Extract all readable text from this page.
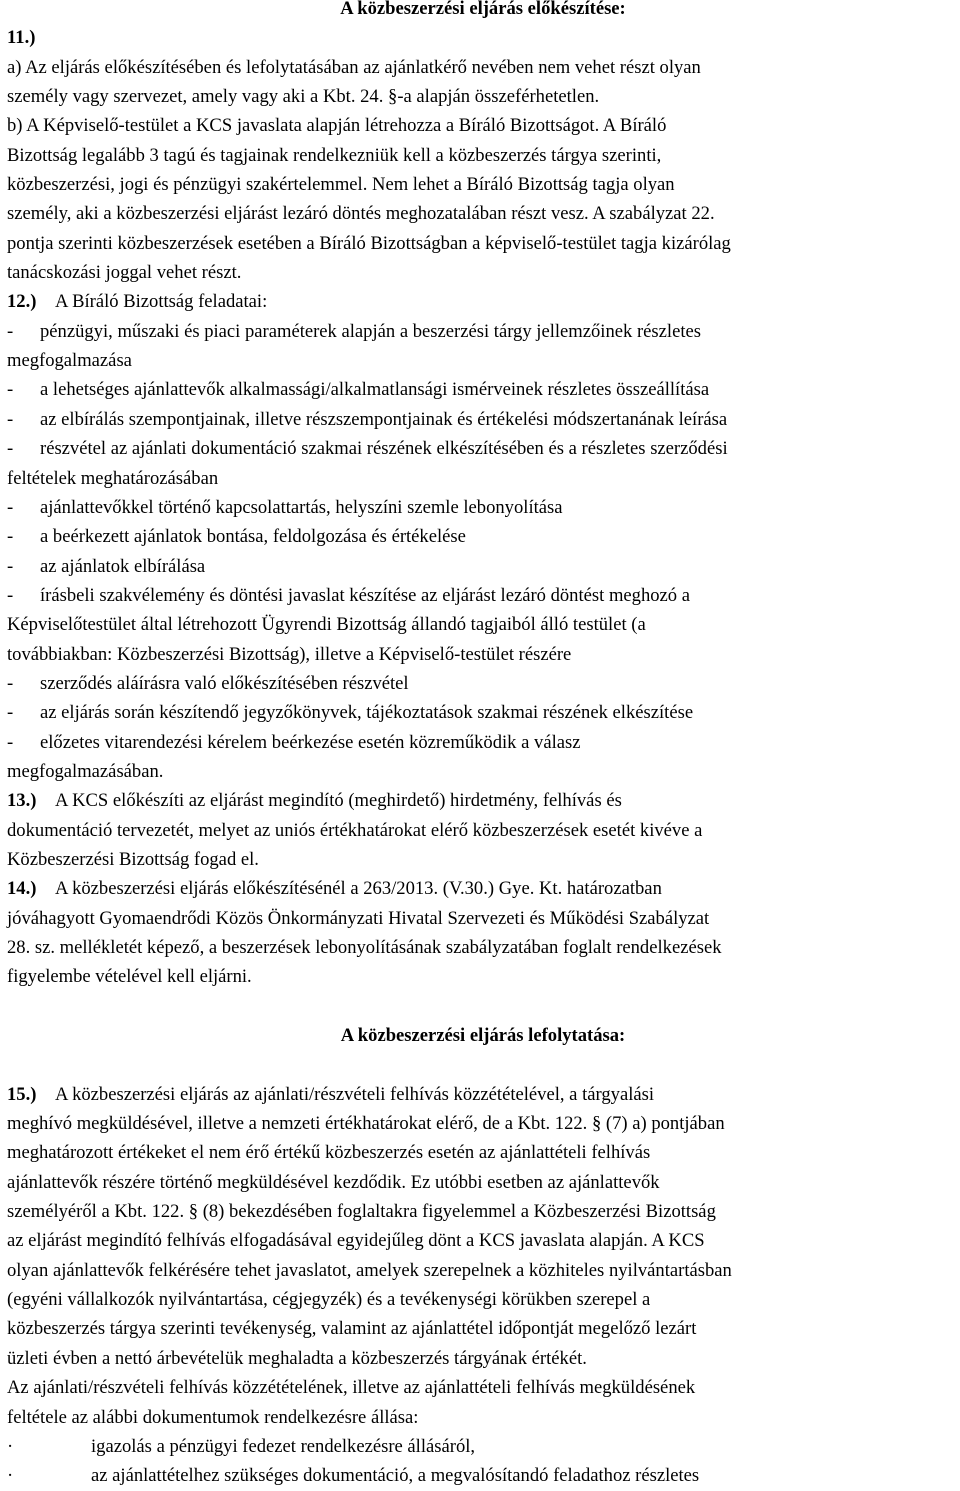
A közbeszerzési eljárás előkészítése:
11.)
a) Az eljárás előkészítésében és lefolytatásában az ajánlatkérő nevében nem vehet részt olyan
személy vagy szervezet, amely vagy aki a Kbt. 24. §-a alapján összeférhetetlen.
b) A Képviselő-testület a KCS javaslata alapján létrehozza a Bíráló Bizottságot. A Bíráló
Bizottság legalább 3 tagú és tagjainak rendelkezniük kell a közbeszerzés tárgya szerinti,
közbeszerzési, jogi és pénzügyi szakértelemmel. Nem lehet a Bíráló Bizottság tagja olyan
személy, aki a közbeszerzési eljárást lezáró döntés meghozatalában részt vesz. A szabályzat 22.
pontja szerinti közbeszerzések esetében a Bíráló Bizottságban a képviselő-testület tagja kizárólag
tanácskozási joggal vehet részt.
12.) A Bíráló Bizottság feladatai:
- pénzügyi, műszaki és piaci paraméterek alapján a beszerzési tárgy jellemzőinek részletes
megfogalmazása
- a lehetséges ajánlattevők alkalmassági/alkalmatlansági ismérveinek részletes összeállítása
- az elbírálás szempontjainak, illetve részszempontjainak és értékelési módszertanának leírása
- részvétel az ajánlati dokumentáció szakmai részének elkészítésében és a részletes szerződési
feltételek meghatározásában
- ajánlattevőkkel történő kapcsolattartás, helyszíni szemle lebonyolítása
- a beérkezett ajánlatok bontása, feldolgozása és értékelése
- az ajánlatok elbírálása
- írásbeli szakvélemény és döntési javaslat készítése az eljárást lezáró döntést meghozó a
Képviselőtestület által létrehozott Ügyrendi Bizottság állandó tagjaiból álló testület (a
továbbiakban: Közbeszerzési Bizottság), illetve a Képviselő-testület részére
- szerződés aláírásra való előkészítésében részvétel
- az eljárás során készítendő jegyzőkönyvek, tájékoztatások szakmai részének elkészítése
- előzetes vitarendezési kérelem beérkezése esetén közreműködik a válasz
megfogalmazásában.
13.) A KCS előkészíti az eljárást megindító (meghirdető) hirdetmény, felhívás és
dokumentáció tervezetét, melyet az uniós értékhatárokat elérő közbeszerzések esetét kivéve a
Közbeszerzési Bizottság fogad el.
14.) A közbeszerzési eljárás előkészítésénél a 263/2013. (V.30.) Gye. Kt. határozatban
jóváhagyott Gyomaendrődi Közös Önkormányzati Hivatal Szervezeti és Működési Szabályzat
28. sz. mellékletét képező, a beszerzések lebonyolításának szabályzatában foglalt rendelkezések
figyelembe vételével kell eljárni.
A közbeszerzési eljárás lefolytatása:
15.) A közbeszerzési eljárás az ajánlati/részvételi felhívás közzétételével, a tárgyalási
meghívó megküldésével, illetve a nemzeti értékhatárokat elérő, de a Kbt. 122. § (7) a) pontjában
meghatározott értékeket el nem érő értékű közbeszerzés esetén az ajánlattételi felhívás
ajánlattevők részére történő megküldésével kezdődik. Ez utóbbi esetben az ajánlattevők
személyéről a Kbt. 122. § (8) bekezdésében foglaltakra figyelemmel a Közbeszerzési Bizottság
az eljárást megindító felhívás elfogadásával egyidejűleg dönt a KCS javaslata alapján. A KCS
olyan ajánlattevők felkérésére tehet javaslatot, amelyek szerepelnek a közhiteles nyilvántartásban
(egyéni vállalkozók nyilvántartása, cégjegyzék) és a tevékenységi körükben szerepel a
közbeszerzés tárgya szerinti tevékenység, valamint az ajánlattétel időpontját megelőző lezárt
üzleti évben a nettó árbevételük meghaladta a közbeszerzés tárgyának értékét.
Az ajánlati/részvételi felhívás közzétételének, illetve az ajánlattételi felhívás megküldésének
feltétele az alábbi dokumentumok rendelkezésre állása:
·	igazolás a pénzügyi fedezet rendelkezésre állásáról,
·	az ajánlattételhez szükséges dokumentáció, a megvalósítandó feladathoz részletes
